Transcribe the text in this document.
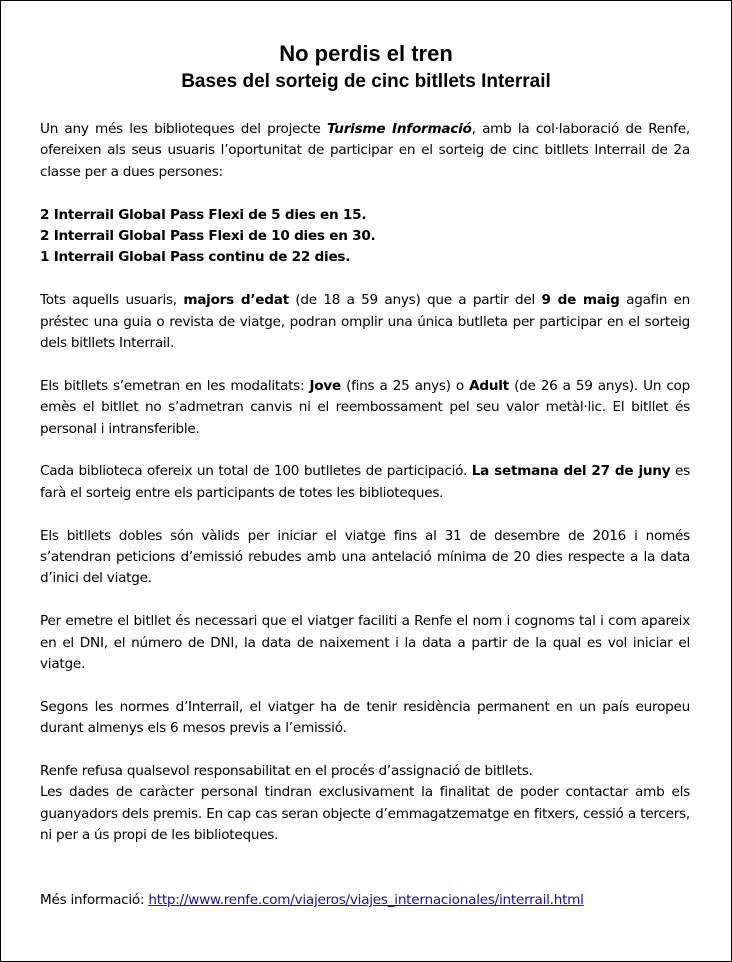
No perdis el tren
Bases del sorteig de cinc bitllets Interrail

Un any més les biblioteques del projecte Turisme Informació, amb la col·laboració de Renfe, ofereixen als seus usuaris l’oportunitat de participar en el sorteig de cinc bitllets Interrail de 2a classe per a dues persones:

2 Interrail Global Pass Flexi de 5 dies en 15.

2 Interrail Global Pass Flexi de 10 dies en 30.

1 Interrail Global Pass continu de 22 dies.

Tots aquells usuaris, majors d’edat (de 18 a 59 anys) que a partir del 9 de maig agafin en préstec una guia o revista de viatge, podran omplir una única butlleta per participar en el sorteig dels bitllets Interrail.

Els bitllets s’emetran en les modalitats: Jove (fins a 25 anys) o Adult (de 26 a 59 anys). Un cop emès el bitllet no s’admetran canvis ni el reembossament pel seu valor metàl·lic. El bitllet és personal i intransferible.

Cada biblioteca ofereix un total de 100 butlletes de participació. La setmana del 27 de juny es farà el sorteig entre els participants de totes les biblioteques.

Els bitllets dobles són vàlids per iniciar el viatge fins al 31 de desembre de 2016 i només s’atendran peticions d’emissió rebudes amb una antelació mínima de 20 dies respecte a la data d’inici del viatge.

Per emetre el bitllet és necessari que el viatger faciliti a Renfe el nom i cognoms tal i com apareix en el DNI, el número de DNI, la data de naixement i la data a partir de la qual es vol iniciar el viatge.

Segons les normes d’Interrail, el viatger ha de tenir residència permanent en un país europeu durant almenys els 6 mesos previs a l’emissió.

Renfe refusa qualsevol responsabilitat en el procés d’assignació de bitllets.
Les dades de caràcter personal tindran exclusivament la finalitat de poder contactar amb els guanyadors dels premis. En cap cas seran objecte d’emmagatzematge en fitxers, cessió a tercers, ni per a ús propi de les biblioteques.

Més informació: http://www.renfe.com/viajeros/viajes_internacionales/interrail.html
